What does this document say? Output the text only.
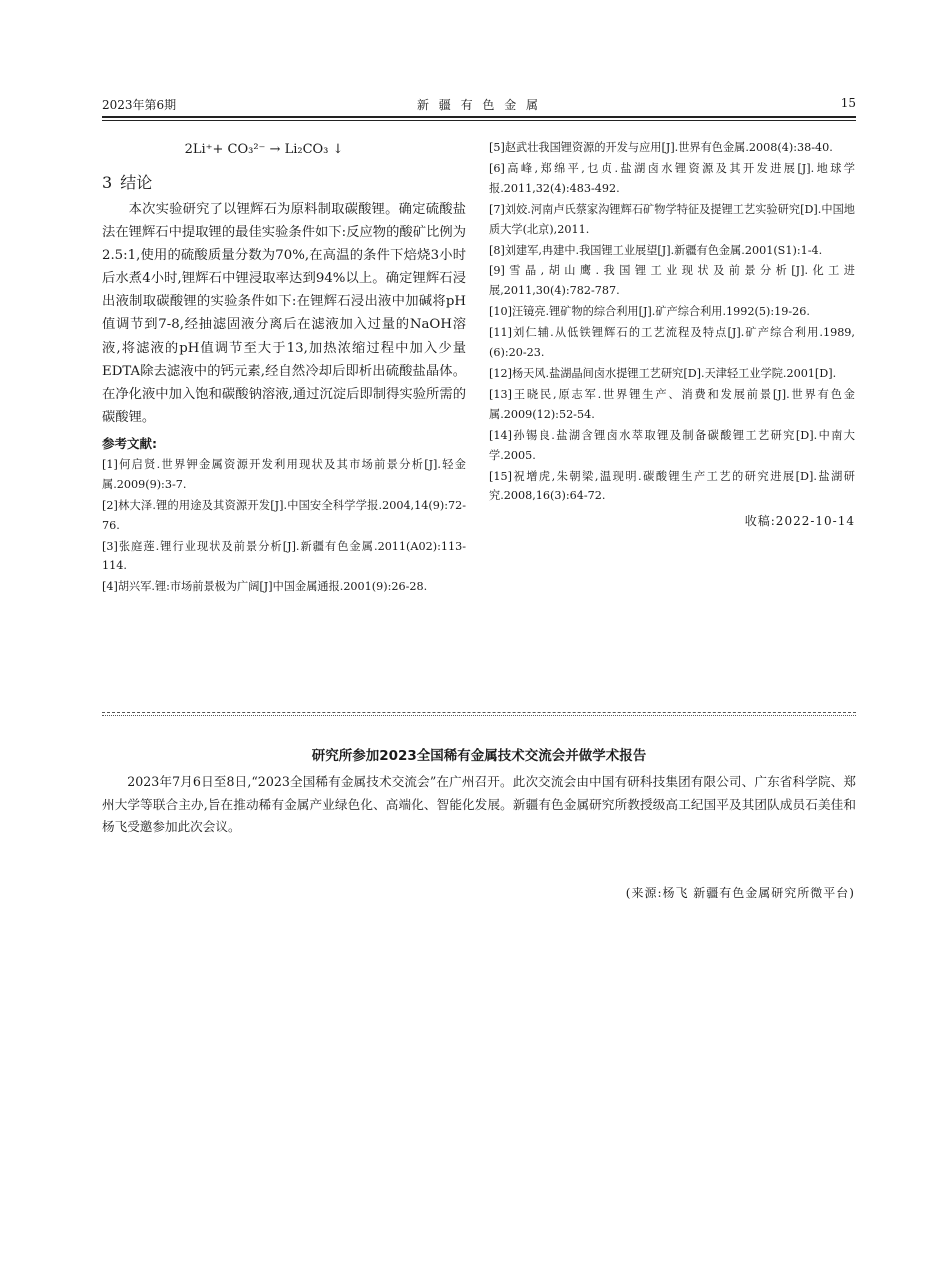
2023年第6期	新 疆 有 色 金 属	15
2Li⁺+ CO₃²⁻ → Li₂CO₃ ↓
3 结论

本次实验研究了以锂辉石为原料制取碳酸锂。确定硫酸盐法在锂辉石中提取锂的最佳实验条件如下:反应物的酸矿比例为2.5:1,使用的硫酸质量分数为70%,在高温的条件下焙烧3小时后水煮4小时,锂辉石中锂浸取率达到94%以上。确定锂辉石浸出液制取碳酸锂的实验条件如下:在锂辉石浸出液中加碱将pH值调节到7-8,经抽滤固液分离后在滤液加入过量的NaOH溶液,将滤液的pH值调节至大于13,加热浓缩过程中加入少量EDTA除去滤液中的钙元素,经自然冷却后即析出硫酸盐晶体。在净化液中加入饱和碳酸钠溶液,通过沉淀后即制得实验所需的碳酸锂。

参考文献:

[1]何启贤.世界钾金属资源开发利用现状及其市场前景分析[J].轻金属.2009(9):3-7.

[2]林大泽.锂的用途及其资源开发[J].中国安全科学学报.2004,14(9):72- 76.

[3]张庭莲.锂行业现状及前景分析[J].新疆有色金属.2011(A02):113-114.

[4]胡兴军.锂:市场前景极为广阔[J]中国金属通报.2001(9):26-28.

[5]赵武壮我国锂资源的开发与应用[J].世界有色金属.2008(4):38-40.

[6]高峰,郑绵平,乜贞.盐湖卤水锂资源及其开发进展[J].地球学报.2011,32(4):483-492.

[7]刘姣.河南卢氏蔡家沟锂辉石矿物学特征及提锂工艺实验研究[D].中国地质大学(北京),2011.

[8]刘建军,冉建中.我国锂工业展望[J].新疆有色金属.2001(S1):1-4.

[9]雪晶,胡山鹰.我国锂工业现状及前景分析[J].化工进展,2011,30(4):782-787.

[10]汪镜亮.锂矿物的综合利用[J].矿产综合利用.1992(5):19-26.

[11]刘仁辅.从低铁锂辉石的工艺流程及特点[J].矿产综合利用.1989,(6):20-23.

[12]杨天风.盐湖晶间卤水提锂工艺研究[D].天津轻工业学院.2001[D].

[13]王晓民,原志军.世界锂生产、消费和发展前景[J].世界有色金属.2009(12):52-54.

[14]孙锡良.盐湖含锂卤水萃取锂及制备碳酸锂工艺研究[D].中南大学.2005.

[15]祝增虎,朱朝梁,温现明.碳酸锂生产工艺的研究进展[D].盐湖研究.2008,16(3):64-72.

收稿:2022-10-14
研究所参加2023全国稀有金属技术交流会并做学术报告

2023年7月6日至8日,“2023全国稀有金属技术交流会”在广州召开。此次交流会由中国有研科技集团有限公司、广东省科学院、郑州大学等联合主办,旨在推动稀有金属产业绿色化、高端化、智能化发展。新疆有色金属研究所教授级高工纪国平及其团队成员石美佳和杨飞受邀参加此次会议。

(来源:杨飞 新疆有色金属研究所微平台)
